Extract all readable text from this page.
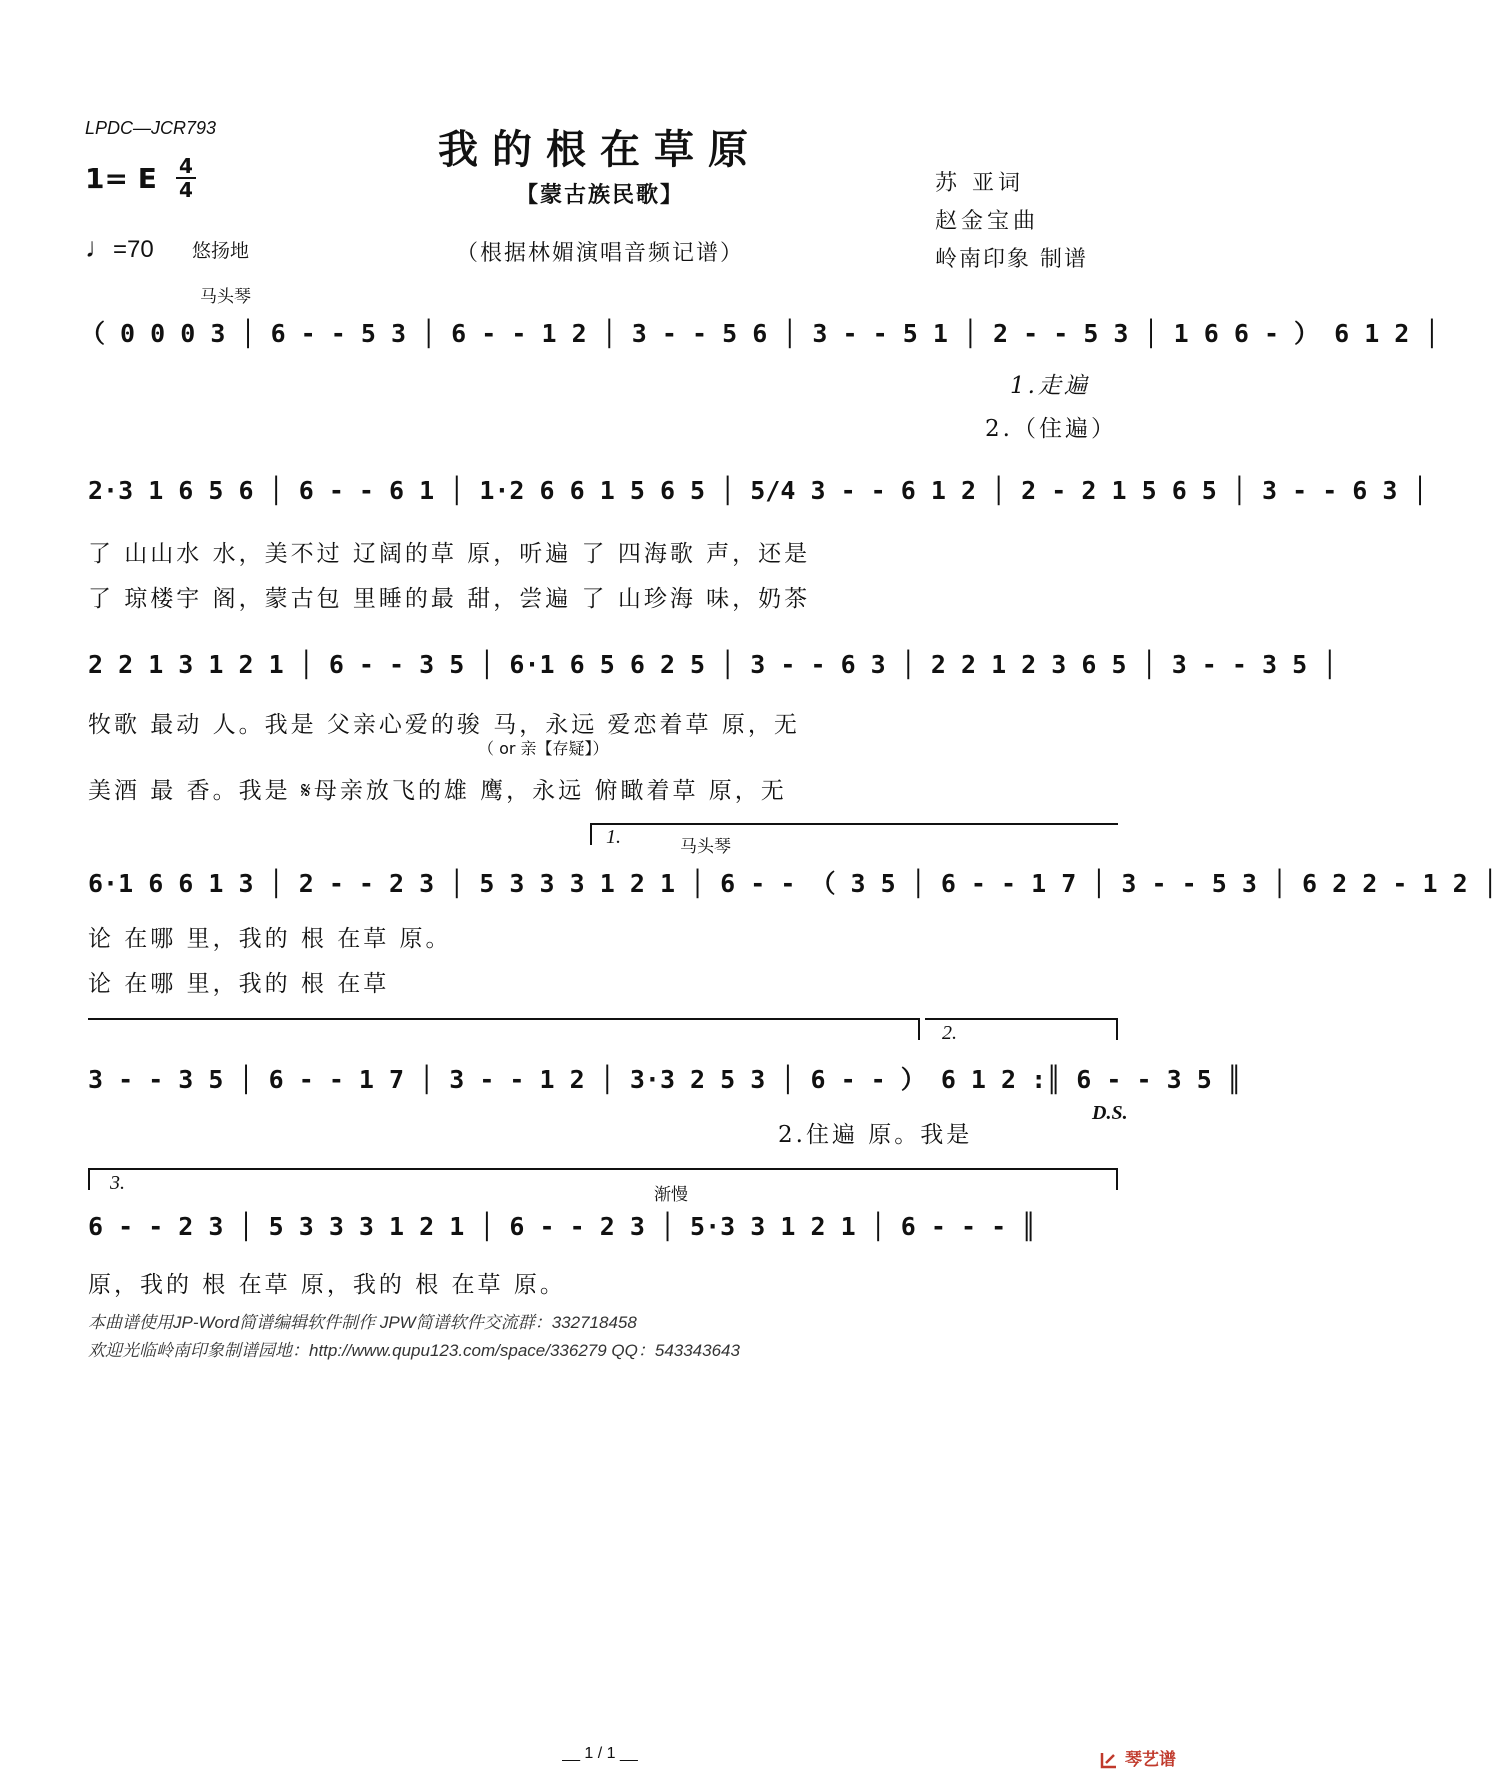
LPDC—JCR793	我的根在草原
1= E 4
4	【蒙古族民歌】
♩=70 悠扬地	（根据林媚演唱音频记谱）
苏 亚词
赵金宝曲
岭南印象 制谱
马头琴
（ 0 0 0 3 │ 6 - - 5 3 │ 6 - - 1 2 │ 3 - - 5 6 │ 3 - - 5 1 │ 2 - - 5 3 │ 1 6 6 - ） 6 1 2 │
1.走遍
2.（住遍）
2·3 1 6 5 6 │ 6 - - 6 1 │ 1·2 6 6 1 5 6 5 │ 5/4 3 - - 6 1 2 │ 2 - 2 1 5 6 5 │ 3 - - 6 3 │
了 山山水 水，美不过 辽阔的草 原，听遍 了 四海歌 声，还是
了 琼楼宇 阁，蒙古包 里睡的最 甜，尝遍 了 山珍海 味，奶茶
2 2 1 3 1 2 1 │ 6 - - 3 5 │ 6·1 6 5 6 2 5 │ 3 - - 6 3 │ 2 2 1 2 3 6 5 │ 3 - - 3 5 │
牧歌 最动 人。我是 父亲心爱的骏 马，永远 爱恋着草 原，无
（ or 亲【存疑】）
美酒 最 香。我是 𝄋母亲放飞的雄 鹰，永远 俯瞰着草 原，无
1.	马头琴
6·1 6 6 1 3 │ 2 - - 2 3 │ 5 3 3 3 1 2 1 │ 6 - - （ 3 5 │ 6 - - 1 7 │ 3 - - 5 3 │ 6 2 2 - 1 2 │
论 在哪 里，我的 根 在草 原。
论 在哪 里，我的 根 在草
2.
3 - - 3 5 │ 6 - - 1 7 │ 3 - - 1 2 │ 3·3 2 5 3 │ 6 - - ） 6 1 2 :║ 6 - - 3 5 ║
2.住遍 原。我是
D.S.
3.
渐慢
6 - - 2 3 │ 5 3 3 3 1 2 1 │ 6 - - 2 3 │ 5·3 3 1 2 1 │ 6 - - - ║
原，我的 根 在草 原，我的 根 在草 原。
本曲谱使用JP-Word简谱编辑软件制作 JPW简谱软件交流群：332718458
欢迎光临岭南印象制谱园地：http://www.qupu123.com/space/336279 QQ：543343643
__ 1 / 1 __	琴艺谱
